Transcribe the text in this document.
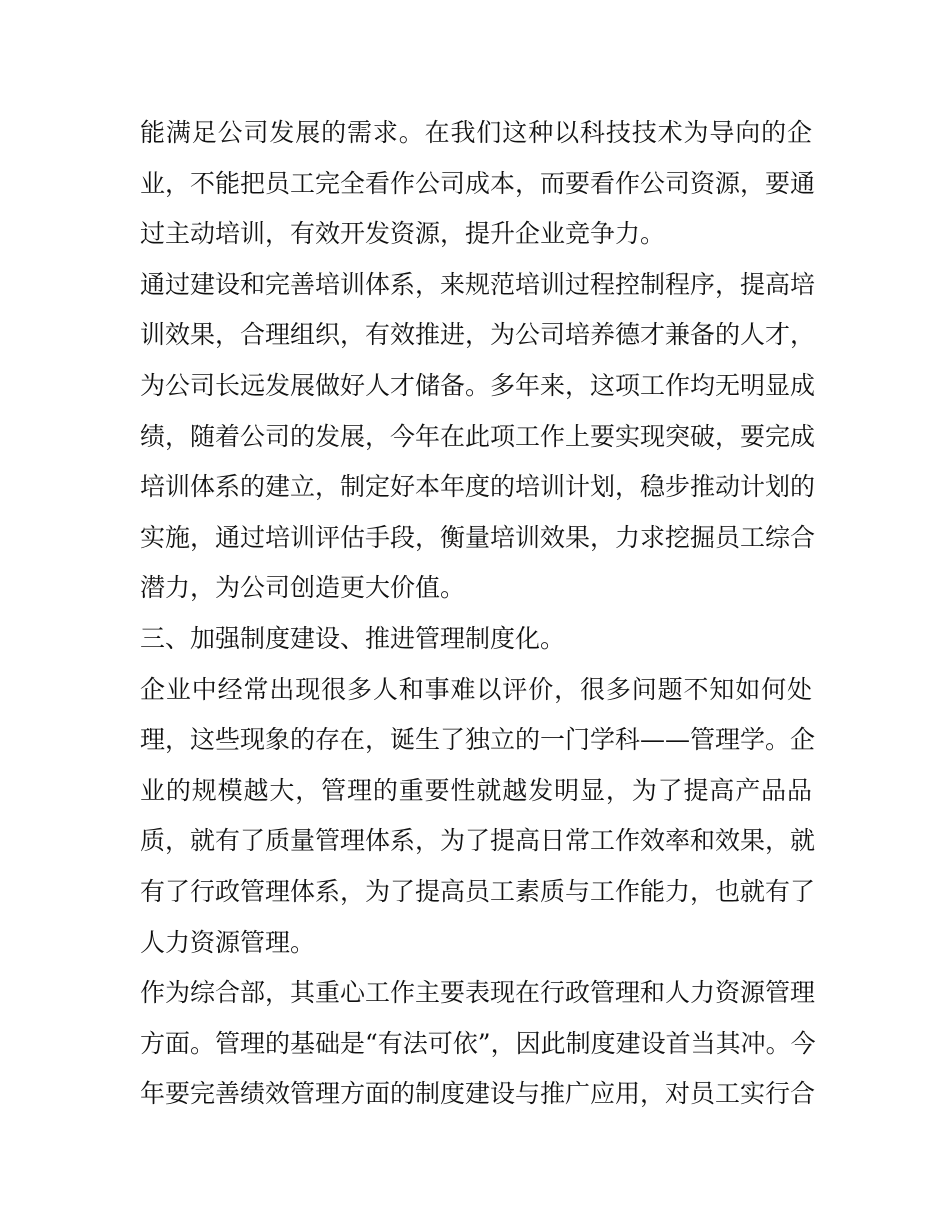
能满足公司发展的需求。在我们这种以科技技术为导向的企
业，不能把员工完全看作公司成本，而要看作公司资源，要通
过主动培训，有效开发资源，提升企业竞争力。
通过建设和完善培训体系，来规范培训过程控制程序，提高培
训效果，合理组织，有效推进，为公司培养德才兼备的人才，
为公司长远发展做好人才储备。多年来，这项工作均无明显成
绩，随着公司的发展，今年在此项工作上要实现突破，要完成
培训体系的建立，制定好本年度的培训计划，稳步推动计划的
实施，通过培训评估手段，衡量培训效果，力求挖掘员工综合
潜力，为公司创造更大价值。
三、加强制度建设、推进管理制度化。
企业中经常出现很多人和事难以评价，很多问题不知如何处
理，这些现象的存在，诞生了独立的一门学科——管理学。企
业的规模越大，管理的重要性就越发明显，为了提高产品品
质，就有了质量管理体系，为了提高日常工作效率和效果，就
有了行政管理体系，为了提高员工素质与工作能力，也就有了
人力资源管理。
作为综合部，其重心工作主要表现在行政管理和人力资源管理
方面。管理的基础是“有法可依”，因此制度建设首当其冲。今
年要完善绩效管理方面的制度建设与推广应用，对员工实行合
